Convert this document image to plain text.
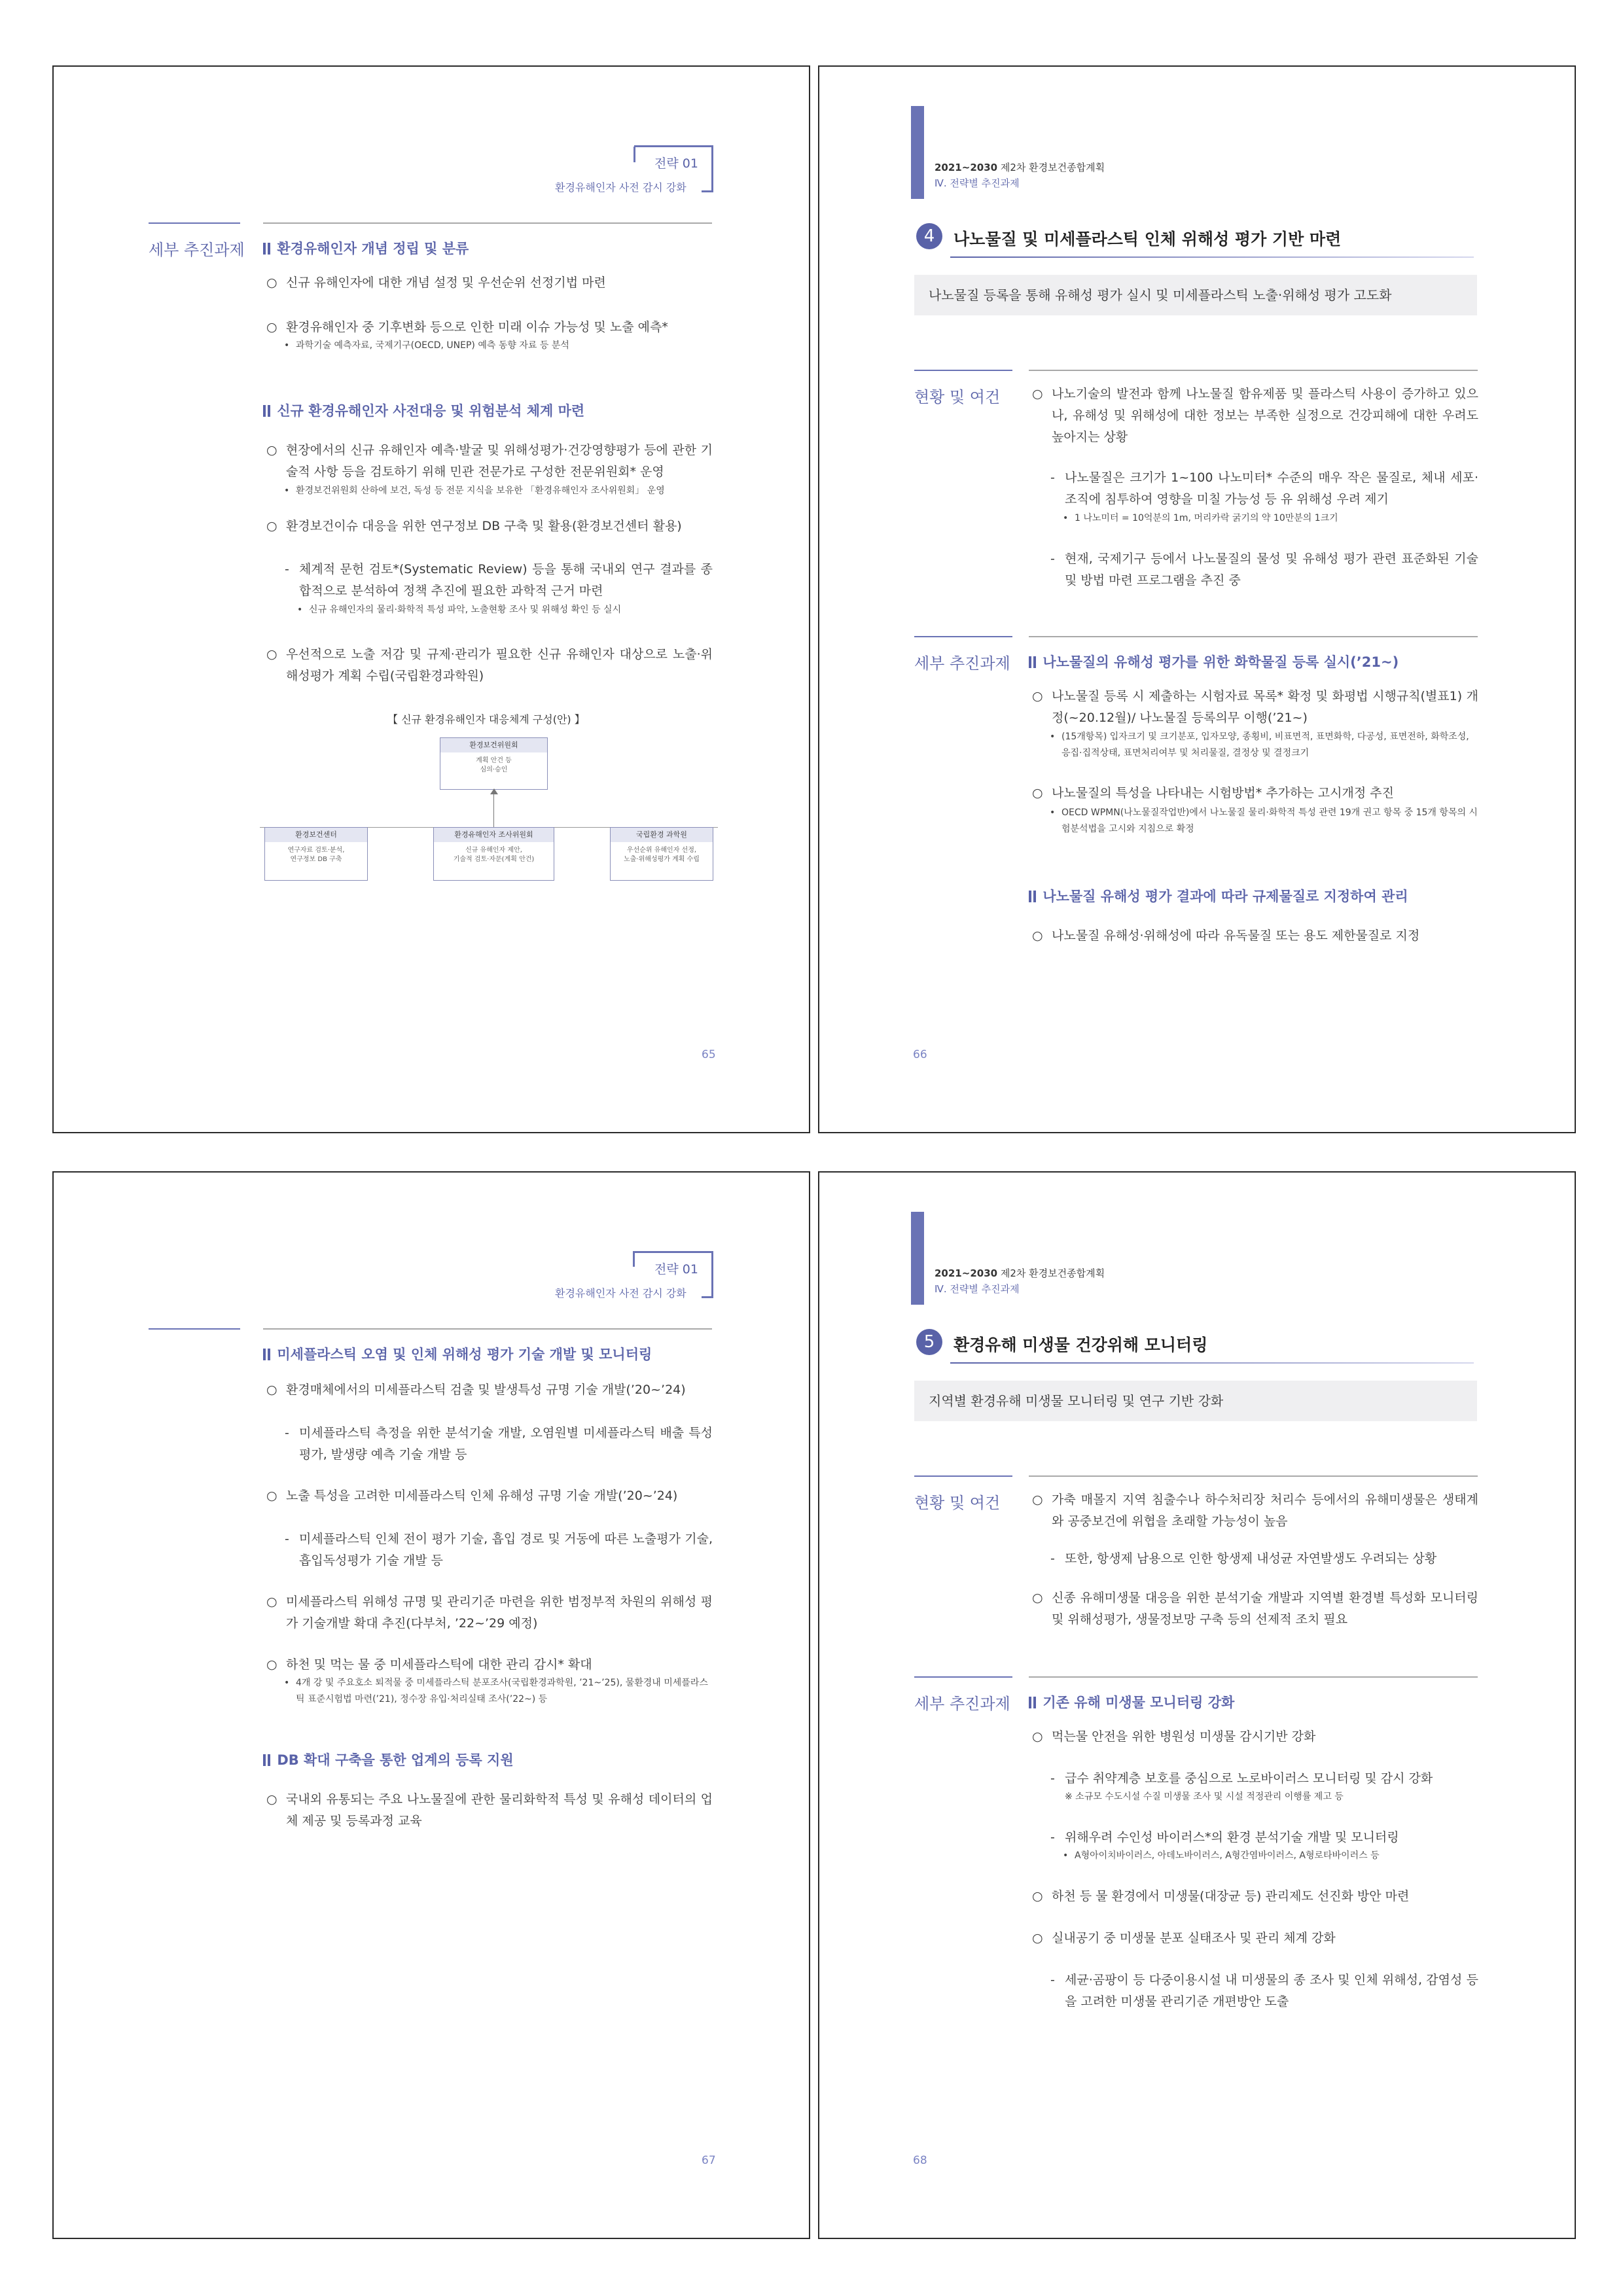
전략 01
환경유해인자 사전 감시 강화
세부 추진과제	환경유해인자 개념 정립 및 분류
○ 신규 유해인자에 대한 개념 설정 및 우선순위 선정기법 마련
○ 환경유해인자 중 기후변화 등으로 인한 미래 이슈 가능성 및 노출 예측*
• 과학기술 예측자료, 국제기구(OECD, UNEP) 예측 동향 자료 등 분석
신규 환경유해인자 사전대응 및 위험분석 체계 마련
○ 현장에서의 신규 유해인자 예측·발굴 및 위해성평가·건강영향평가 등에 관한 기술적 사항 등을 검토하기 위해 민관 전문가로 구성한 전문위원회* 운영
• 환경보건위원회 산하에 보건, 독성 등 전문 지식을 보유한 「환경유해인자 조사위원회」 운영
○ 환경보건이슈 대응을 위한 연구정보 DB 구축 및 활용(환경보건센터 활용)
- 체계적 문헌 검토*(Systematic Review) 등을 통해 국내외 연구 결과를 종합적으로 분석하여 정책 추진에 필요한 과학적 근거 마련
• 신규 유해인자의 물리·화학적 특성 파악, 노출현황 조사 및 위해성 확인 등 실시
○ 우선적으로 노출 저감 및 규제·관리가 필요한 신규 유해인자 대상으로 노출·위해성평가 계획 수립(국립환경과학원)
【 신규 환경유해인자 대응체계 구성(안) 】
환경보건위원회
계획 안건 등
심의·승인
환경보건센터
연구자료 검토·분석,
연구정보 DB 구축
환경유해인자 조사위원회
신규 유해인자 제안,
기술적 검토·자문(계획 안건)
국립환경 과학원
우선순위 유해인자 선정,
노출·위해성평가 계획 수립
65
2021~2030 제2차 환경보건종합계획
Ⅳ. 전략별 추진과제
4	나노물질 및 미세플라스틱 인체 위해성 평가 기반 마련
나노물질 등록을 통해 유해성 평가 실시 및 미세플라스틱 노출·위해성 평가 고도화
현황 및 여건	○ 나노기술의 발전과 함께 나노물질 함유제품 및 플라스틱 사용이 증가하고 있으나, 유해성 및 위해성에 대한 정보는 부족한 실정으로 건강피해에 대한 우려도 높아지는 상황
- 나노물질은 크기가 1~100 나노미터* 수준의 매우 작은 물질로, 체내 세포·조직에 침투하여 영향을 미칠 가능성 등 유 위해성 우려 제기
• 1 나노미터 = 10억분의 1m, 머리카락 굵기의 약 10만분의 1크기
- 현재, 국제기구 등에서 나노물질의 물성 및 유해성 평가 관련 표준화된 기술 및 방법 마련 프로그램을 추진 중
세부 추진과제	나노물질의 유해성 평가를 위한 화학물질 등록 실시(’21~)
○ 나노물질 등록 시 제출하는 시험자료 목록* 확정 및 화평법 시행규칙(별표1) 개정(~20.12월)/ 나노물질 등록의무 이행(’21~)
• (15개항목) 입자크기 및 크기분포, 입자모양, 종횡비, 비표면적, 표면화학, 다공성, 표면전하, 화학조성, 응집·집적상태, 표면처리여부 및 처리물질, 결정상 및 결정크기
○ 나노물질의 특성을 나타내는 시험방법* 추가하는 고시개정 추진
• OECD WPMN(나노물질작업반)에서 나노물질 물리·화학적 특성 관련 19개 권고 항목 중 15개 항목의 시험분석법을 고시와 지침으로 확정
나노물질 유해성 평가 결과에 따라 규제물질로 지정하여 관리
○ 나노물질 유해성·위해성에 따라 유독물질 또는 용도 제한물질로 지정
66
전략 01
환경유해인자 사전 감시 강화
미세플라스틱 오염 및 인체 위해성 평가 기술 개발 및 모니터링
○ 환경매체에서의 미세플라스틱 검출 및 발생특성 규명 기술 개발(’20~’24)
- 미세플라스틱 측정을 위한 분석기술 개발, 오염원별 미세플라스틱 배출 특성 평가, 발생량 예측 기술 개발 등
○ 노출 특성을 고려한 미세플라스틱 인체 유해성 규명 기술 개발(’20~’24)
- 미세플라스틱 인체 전이 평가 기술, 흡입 경로 및 거동에 따른 노출평가 기술, 흡입독성평가 기술 개발 등
○ 미세플라스틱 위해성 규명 및 관리기준 마련을 위한 범정부적 차원의 위해성 평가 기술개발 확대 추진(다부처, ’22~’29 예정)
○ 하천 및 먹는 물 중 미세플라스틱에 대한 관리 감시* 확대
• 4개 강 및 주요호소 퇴적물 중 미세플라스틱 분포조사(국립환경과학원, ’21~’25), 물환경내 미세플라스틱 표준시험법 마련(’21), 정수장 유입·처리실태 조사(’22~) 등
DB 확대 구축을 통한 업계의 등록 지원
○ 국내외 유통되는 주요 나노물질에 관한 물리화학적 특성 및 유해성 데이터의 업체 제공 및 등록과정 교육
67
2021~2030 제2차 환경보건종합계획
Ⅳ. 전략별 추진과제
5	환경유해 미생물 건강위해 모니터링
지역별 환경유해 미생물 모니터링 및 연구 기반 강화
현황 및 여건	○ 가축 매몰지 지역 침출수나 하수처리장 처리수 등에서의 유해미생물은 생태계와 공중보건에 위협을 초래할 가능성이 높음
- 또한, 항생제 남용으로 인한 항생제 내성균 자연발생도 우려되는 상황
○ 신종 유해미생물 대응을 위한 분석기술 개발과 지역별 환경별 특성화 모니터링 및 위해성평가, 생물정보망 구축 등의 선제적 조치 필요
세부 추진과제	기존 유해 미생물 모니터링 강화
○ 먹는물 안전을 위한 병원성 미생물 감시기반 강화
- 급수 취약계층 보호를 중심으로 노로바이러스 모니터링 및 감시 강화
※ 소규모 수도시설 수질 미생물 조사 및 시설 적정관리 이행률 제고 등
- 위해우려 수인성 바이러스*의 환경 분석기술 개발 및 모니터링
• A형아이치바이러스, 아데노바이러스, A형간염바이러스, A형로타바이러스 등
○ 하천 등 물 환경에서 미생물(대장균 등) 관리제도 선진화 방안 마련
○ 실내공기 중 미생물 분포 실태조사 및 관리 체계 강화
- 세균·곰팡이 등 다중이용시설 내 미생물의 종 조사 및 인체 위해성, 감염성 등을 고려한 미생물 관리기준 개편방안 도출
68
